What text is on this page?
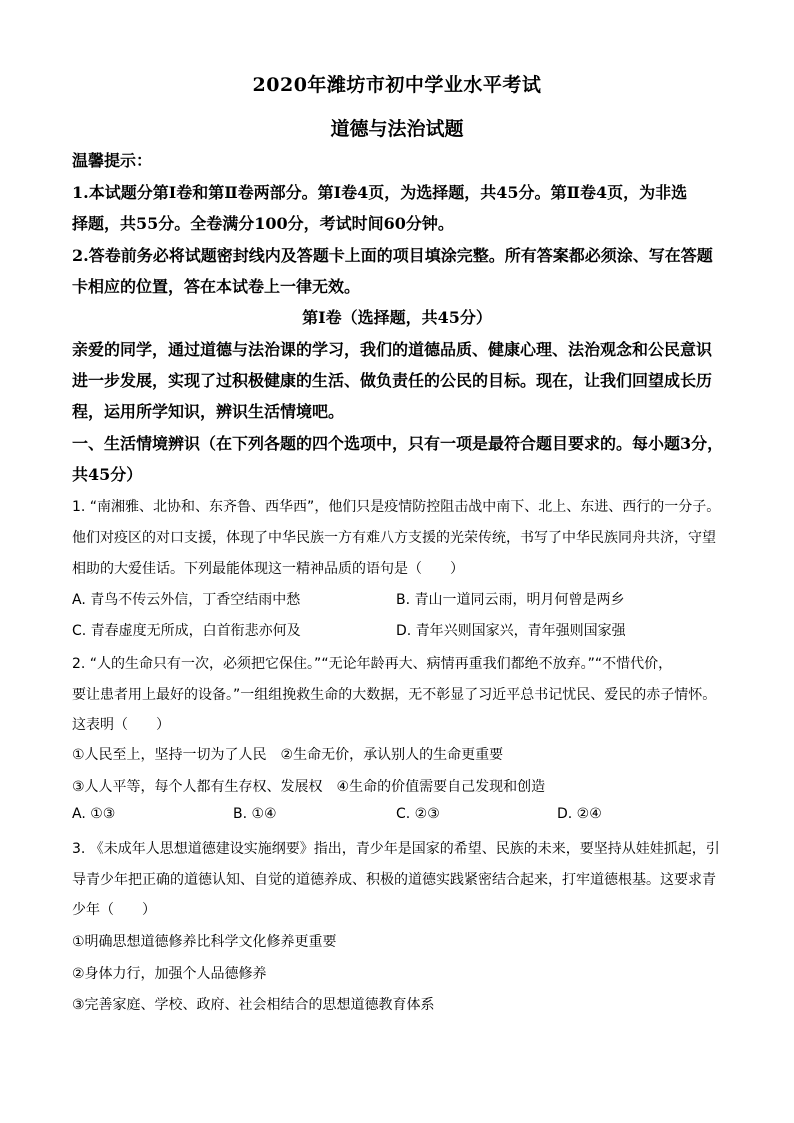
2020年潍坊市初中学业水平考试
道德与法治试题
温馨提示：
1.本试题分第Ⅰ卷和第Ⅱ卷两部分。第Ⅰ卷4页，为选择题，共45分。第Ⅱ卷4页，为非选
择题，共55分。全卷满分100分，考试时间60分钟。
2.答卷前务必将试题密封线内及答题卡上面的项目填涂完整。所有答案都必须涂、写在答题
卡相应的位置，答在本试卷上一律无效。
第Ⅰ卷（选择题，共45分）
亲爱的同学，通过道德与法治课的学习，我们的道德品质、健康心理、法治观念和公民意识
进一步发展，实现了过积极健康的生活、做负责任的公民的目标。现在，让我们回望成长历
程，运用所学知识，辨识生活情境吧。
一、生活情境辨识（在下列各题的四个选项中，只有一项是最符合题目要求的。每小题3分，
共45分）
1. “南湘雅、北协和、东齐鲁、西华西”，他们只是疫情防控阻击战中南下、北上、东进、西行的一分子。
他们对疫区的对口支援，体现了中华民族一方有难八方支援的光荣传统，书写了中华民族同舟共济，守望
相助的大爱佳话。下列最能体现这一精神品质的语句是（　　）
A. 青鸟不传云外信，丁香空结雨中愁	B. 青山一道同云雨，明月何曾是两乡
C. 青春虚度无所成，白首衔悲亦何及	D. 青年兴则国家兴，青年强则国家强
2. “人的生命只有一次，必须把它保住。”“无论年龄再大、病情再重我们都绝不放弃。”“不惜代价，
要让患者用上最好的设备。”一组组挽救生命的大数据，无不彰显了习近平总书记忧民、爱民的赤子情怀。
这表明（　　）
①人民至上，坚持一切为了人民　②生命无价，承认别人的生命更重要
③人人平等，每个人都有生存权、发展权　④生命的价值需要自己发现和创造
A. ①③	B. ①④	C. ②③	D. ②④
3. 《未成年人思想道德建设实施纲要》指出，青少年是国家的希望、民族的未来，要坚持从娃娃抓起，引
导青少年把正确的道德认知、自觉的道德养成、积极的道德实践紧密结合起来，打牢道德根基。这要求青
少年（　　）
①明确思想道德修养比科学文化修养更重要
②身体力行，加强个人品德修养
③完善家庭、学校、政府、社会相结合的思想道德教育体系
